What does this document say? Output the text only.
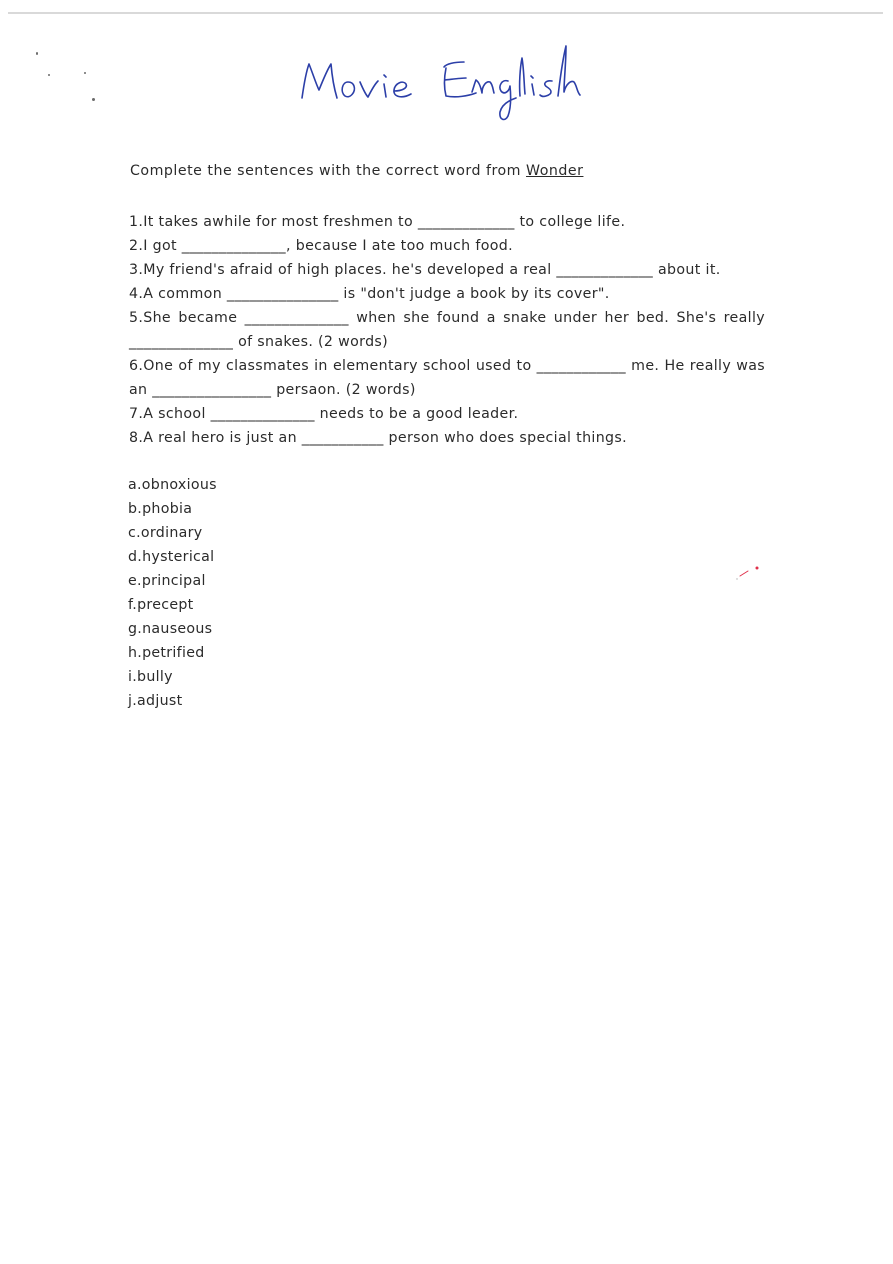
Complete the sentences with the correct word from Wonder

1.It takes awhile for most freshmen to _____________ to college life.

2.I got ______________, because I ate too much food.

3.My friend's afraid of high places. he's developed a real _____________ about it.

4.A common _______________ is "don't judge a book by its cover".

5.She became ______________ when she found a snake under her bed. She's really ______________ of snakes. (2 words)

6.One of my classmates in elementary school used to ____________ me. He really was an ________________ persaon. (2 words)

7.A school ______________ needs to be a good leader.

8.A real hero is just an ___________ person who does special things.

a.obnoxious

b.phobia

c.ordinary

d.hysterical

e.principal

f.precept

g.nauseous

h.petrified

i.bully

j.adjust
